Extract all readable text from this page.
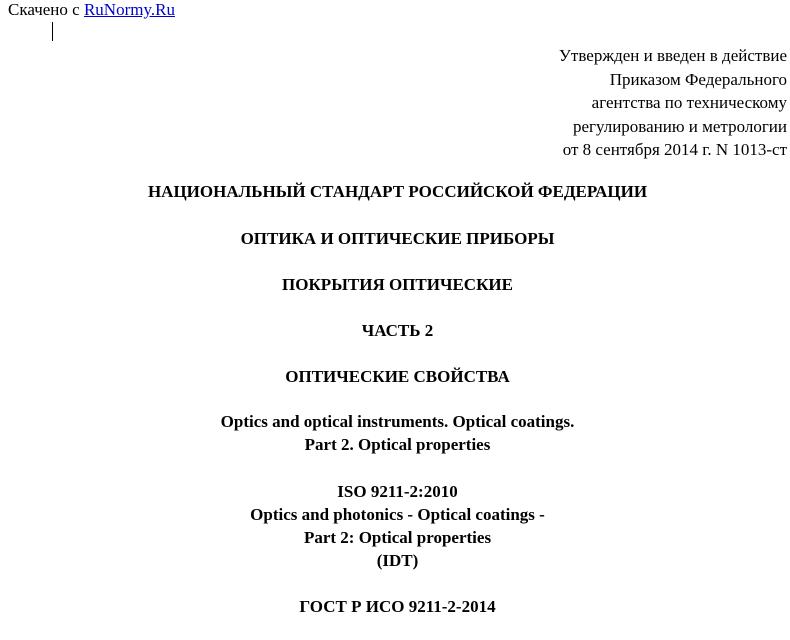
Скачено с RuNormy.Ru
Утвержден и введен в действие
Приказом Федерального
агентства по техническому
регулированию и метрологии
от 8 сентября 2014 г. N 1013-ст
НАЦИОНАЛЬНЫЙ СТАНДАРТ РОССИЙСКОЙ ФЕДЕРАЦИИ
ОПТИКА И ОПТИЧЕСКИЕ ПРИБОРЫ
ПОКРЫТИЯ ОПТИЧЕСКИЕ
ЧАСТЬ 2
ОПТИЧЕСКИЕ СВОЙСТВА
Optics and optical instruments. Optical coatings.
Part 2. Optical properties
ISO 9211-2:2010
Optics and photonics - Optical coatings -
Part 2: Optical properties
(IDT)
ГОСТ Р ИСО 9211-2-2014
